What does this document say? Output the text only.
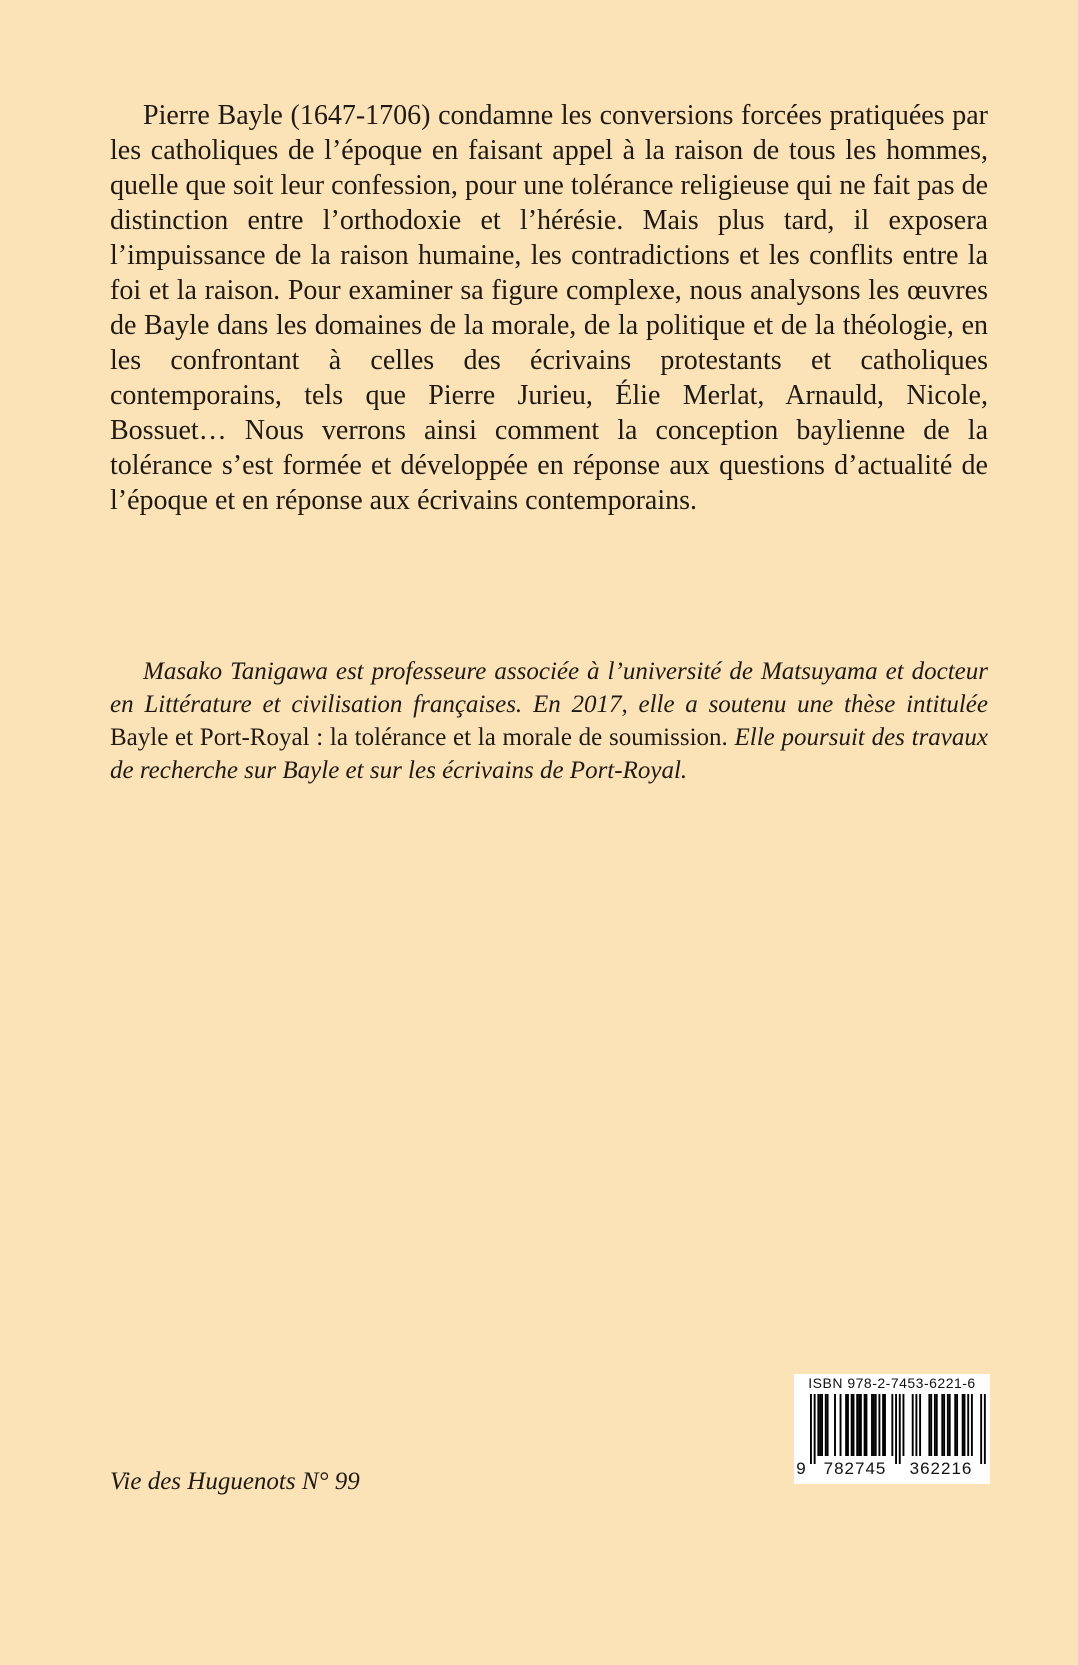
Pierre Bayle (1647-1706) condamne les conversions forcées pratiquées par les catholiques de l’époque en faisant appel à la raison de tous les hommes, quelle que soit leur confession, pour une tolérance religieuse qui ne fait pas de distinction entre l’orthodoxie et l’hérésie. Mais plus tard, il exposera l’impuissance de la raison humaine, les contradictions et les conflits entre la foi et la raison. Pour examiner sa figure complexe, nous analysons les œuvres de Bayle dans les domaines de la morale, de la politique et de la théologie, en les confrontant à celles des écrivains protestants et catholiques contemporains, tels que Pierre Jurieu, Élie Merlat, Arnauld, Nicole, Bossuet… Nous verrons ainsi comment la conception baylienne de la tolérance s’est formée et développée en réponse aux questions d’actualité de l’époque et en réponse aux écrivains contemporains.

Masako Tanigawa est professeure associée à l’université de Matsuyama et docteur en Littérature et civilisation françaises. En 2017, elle a soutenu une thèse intitulée Bayle et Port-Royal : la tolérance et la morale de soumission. Elle poursuit des travaux de recherche sur Bayle et sur les écrivains de Port-Royal.

Vie des Huguenots N° 99

ISBN 978-2-7453-6221-6
9	782745	362216
